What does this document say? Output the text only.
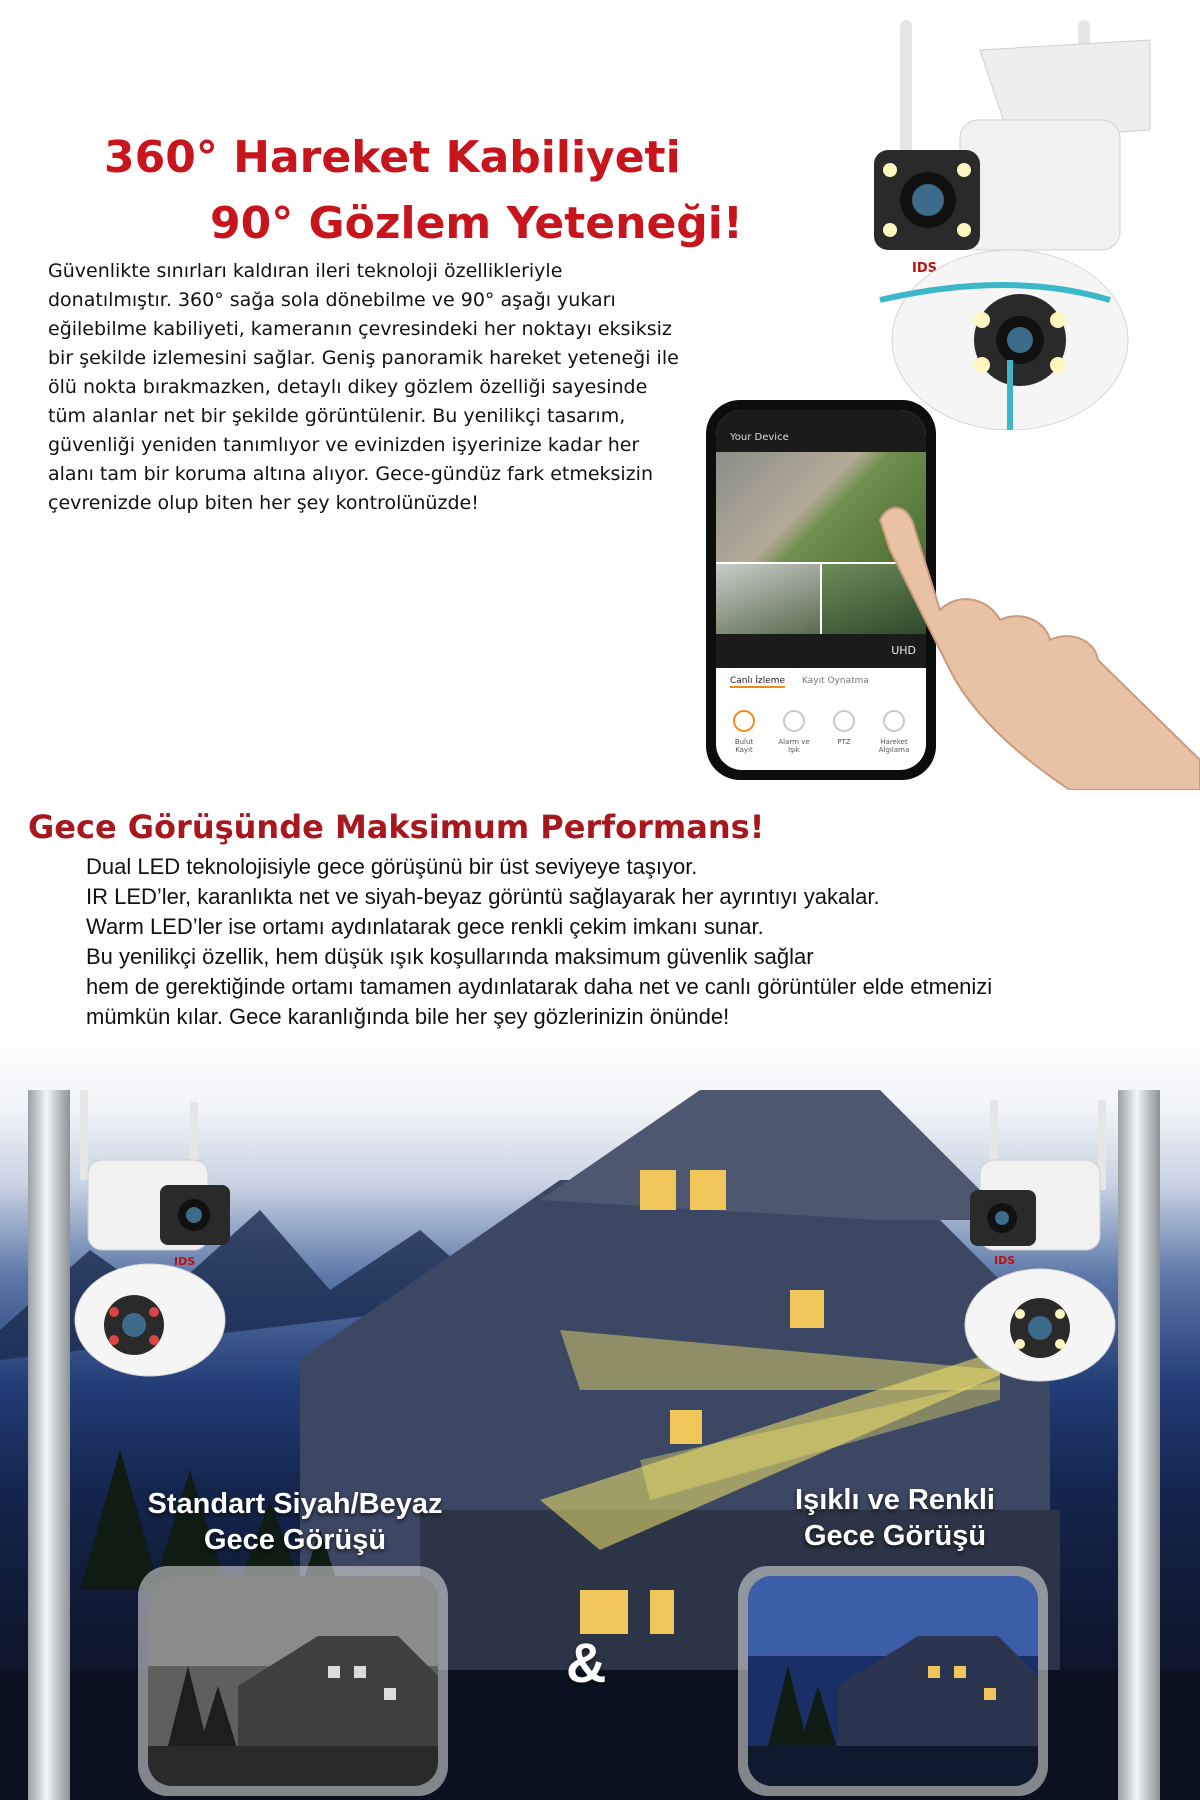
360° Hareket Kabiliyeti
90° Gözlem Yeteneği!

Güvenlikte sınırları kaldıran ileri teknoloji özellikleriyle donatılmıştır. 360° sağa sola dönebilme ve 90° aşağı yukarı eğilebilme kabiliyeti, kameranın çevresindeki her noktayı eksiksiz bir şekilde izlemesini sağlar. Geniş panoramik hareket yeteneği ile ölü nokta bırakmazken, detaylı dikey gözlem özelliği sayesinde tüm alanlar net bir şekilde görüntülenir. Bu yenilikçi tasarım, güvenliği yeniden tanımlıyor ve evinizden işyerinize kadar her alanı tam bir koruma altına alıyor. Gece-gündüz fark etmeksizin çevrenizde olup biten her şey kontrolünüzde!

IDS
Your Device
UHD
Canlı İzleme Kayıt Oynatma
Bulut Kayıt
Alarm ve Işık
PTZ	Hareket Algılama
Gece Görüşünde Maksimum Performans!

Dual LED teknolojisiyle gece görüşünü bir üst seviyeye taşıyor.
IR LED’ler, karanlıkta net ve siyah-beyaz görüntü sağlayarak her ayrıntıyı yakalar.
Warm LED’ler ise ortamı aydınlatarak gece renkli çekim imkanı sunar.
Bu yenilikçi özellik, hem düşük ışık koşullarında maksimum güvenlik sağlar
hem de gerektiğinde ortamı tamamen aydınlatarak daha net ve canlı görüntüler elde etmenizi
mümkün kılar. Gece karanlığında bile her şey gözlerinizin önünde!

IDS	IDS
Standart Siyah/Beyaz
Gece Görüşü
Işıklı ve Renkli
Gece Görüşü
&
